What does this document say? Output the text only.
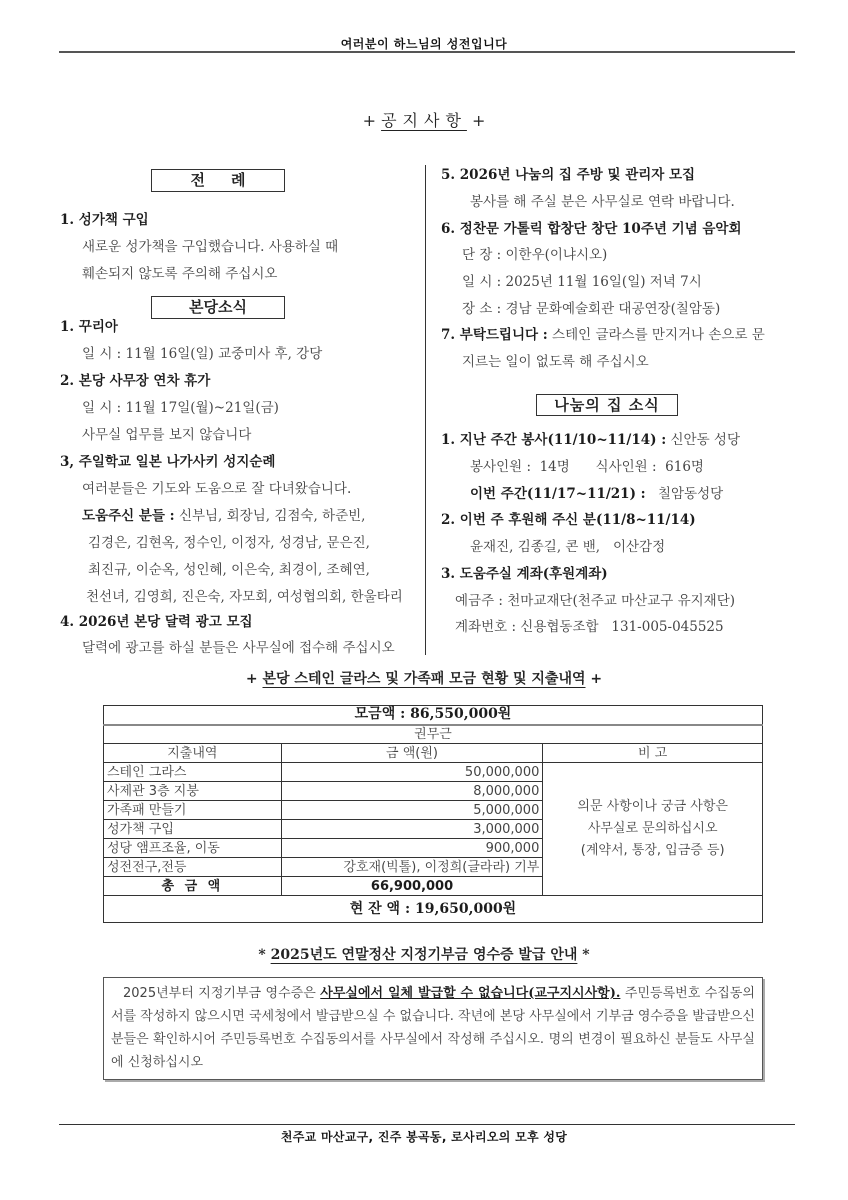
여러분이 하느님의 성전입니다
+ 공지사항 +
전     례
1. 성가책 구입
새로운 성가책을 구입했습니다. 사용하실 때
훼손되지 않도록 주의해 주십시오
본당소식
1. 꾸리아
일 시 : 11월 16일(일) 교중미사 후, 강당
2. 본당 사무장 연차 휴가
일 시 : 11월 17일(월)~21일(금)
사무실 업무를 보지 않습니다
3, 주일학교 일본 나가사키 성지순례
여러분들은 기도와 도움으로 잘 다녀왔습니다.
도움주신 분들 : 신부님, 회장님, 김점숙, 하준빈,
김경은, 김현옥, 정수인, 이정자, 성경남, 문은진,
최진규, 이순옥, 성인혜, 이은숙, 최경이, 조혜연,
천선녀, 김영희, 진은숙, 자모회, 여성협의회, 한울타리
4. 2026년 본당 달력 광고 모집
달력에 광고를 하실 분들은 사무실에 접수해 주십시오
5. 2026년 나눔의 집 주방 및 관리자 모집
봉사를 해 주실 분은 사무실로 연락 바랍니다.
6. 정찬문 가톨릭 합창단 창단 10주년 기념 음악회
단 장 : 이한우(이냐시오)
일 시 : 2025년 11월 16일(일) 저녁 7시
장 소 : 경남 문화예술회관 대공연장(칠암동)
7. 부탁드립니다 : 스테인 글라스를 만지거나 손으로 문
지르는 일이 없도록 해 주십시오
나눔의 집 소식
1. 지난 주간 봉사(11/10~11/14) : 신안동 성당
봉사인원 :  14명      식사인원 :  616명
이번 주간(11/17~11/21) : 칠암동성당
2. 이번 주 후원해 주신 분(11/8~11/14)
윤재진, 김종길, 콘 밴,   이산감정
3. 도움주실 계좌(후원계좌)
예금주 : 천마교재단(천주교 마산교구 유지재단)
계좌번호 : 신용협동조합   131-005-045525
+ 본당 스테인 글라스 및 가족패 모금 현황 및 지출내역 +
모금액 : 86,550,000원		
권무근		
지출내역	금 액(원)	비 고
스테인 그라스	50,000,000	의문 사항이나 궁금 사항은
사무실로 문의하십시오
(계약서, 통장, 입금증 등)

사제관 3층 지붕	8,000,000	
가족패 만들기	5,000,000	
성가책 구입	3,000,000	
성당 앰프조율, 이동	900,000	
성전전구,전등	강호재(빅톨), 이정희(글라라) 기부	
총 금 액	66,900,000	
현 잔 액 : 19,650,000원		
* 2025년도 연말정산 지정기부금 영수증 발급 안내 *
2025년부터 지정기부금 영수증은 사무실에서 일체 발급할 수 없습니다(교구지시사항). 주민등록번호 수집동의서를 작성하지 않으시면 국세청에서 발급받으실 수 없습니다. 작년에 본당 사무실에서 기부금 영수증을 발급받으신 분들은 확인하시어 주민등록번호 수집동의서를 사무실에서 작성해 주십시오. 명의 변경이 필요하신 분들도 사무실에 신청하십시오
천주교 마산교구, 진주 봉곡동, 로사리오의 모후 성당
